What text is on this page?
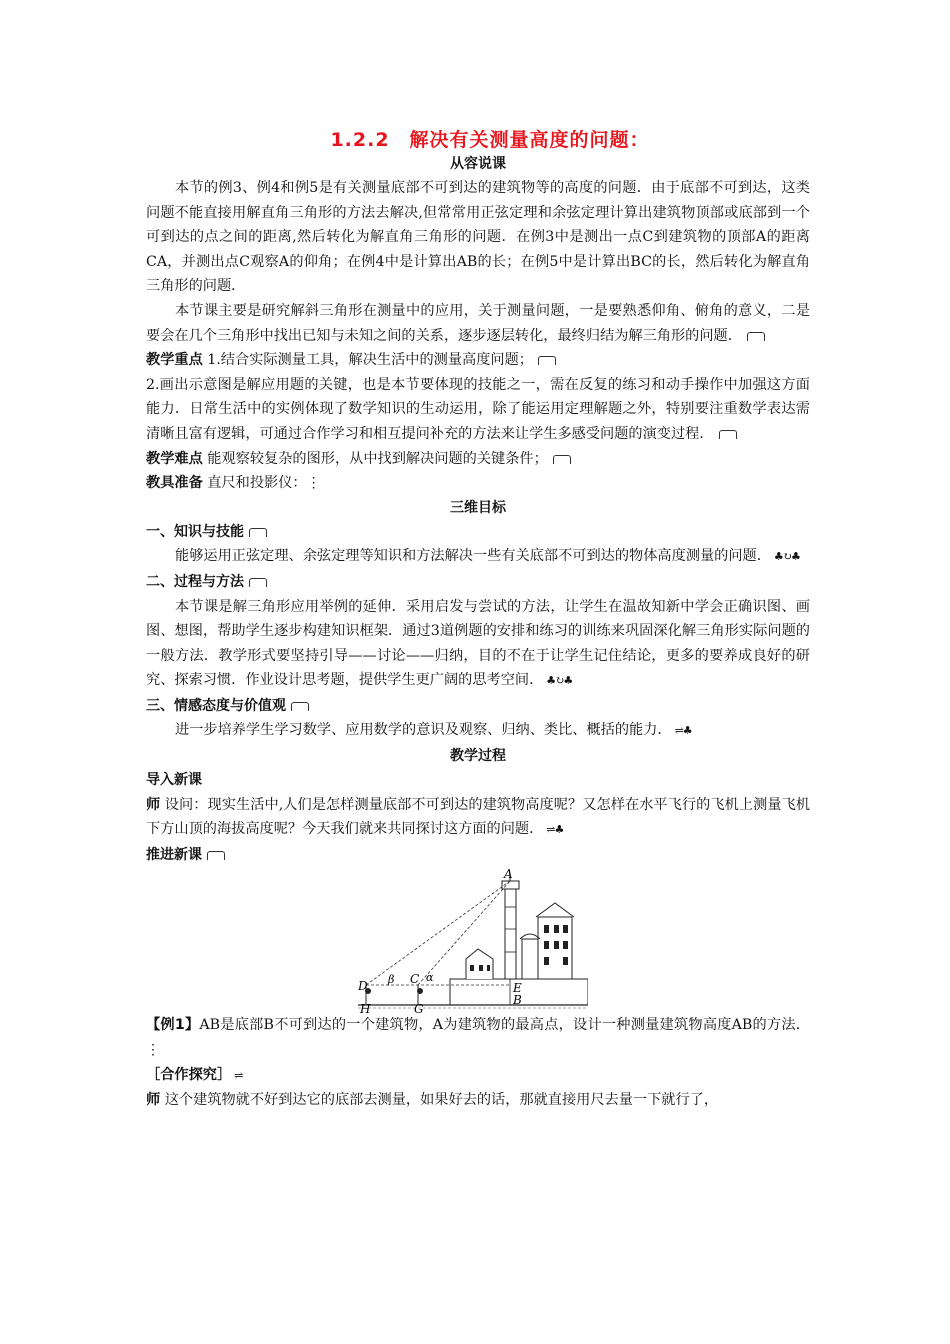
1.2.2　解决有关测量高度的问题：
从容说课

本节的例3、例4和例5是有关测量底部不可到达的建筑物等的高度的问题．由于底部不可到达，这类问题不能直接用解直角三角形的方法去解决,但常常用正弦定理和余弦定理计算出建筑物顶部或底部到一个可到达的点之间的距离,然后转化为解直角三角形的问题．在例3中是测出一点C到建筑物的顶部A的距离CA，并测出点C观察A的仰角；在例4中是计算出AB的长；在例5中是计算出BC的长，然后转化为解直角三角形的问题．

本节课主要是研究解斜三角形在测量中的应用，关于测量问题，一是要熟悉仰角、俯角的意义，二是要会在几个三角形中找出已知与未知之间的关系，逐步逐层转化，最终归结为解三角形的问题．

教学重点 1.结合实际测量工具，解决生活中的测量高度问题；

2.画出示意图是解应用题的关键，也是本节要体现的技能之一，需在反复的练习和动手操作中加强这方面能力．日常生活中的实例体现了数学知识的生动运用，除了能运用定理解题之外，特别要注重数学表达需清晰且富有逻辑，可通过合作学习和相互提问补充的方法来让学生多感受问题的演变过程．

教学难点 能观察较复杂的图形，从中找到解决问题的关键条件；

教具准备 直尺和投影仪：⋮

三维目标
一、知识与技能

能够运用正弦定理、余弦定理等知识和方法解决一些有关底部不可到达的物体高度测量的问题． ♣↻♣

二、过程与方法

本节课是解三角形应用举例的延伸．采用启发与尝试的方法，让学生在温故知新中学会正确识图、画图、想图，帮助学生逐步构建知识框架．通过3道例题的安排和练习的训练来巩固深化解三角形实际问题的一般方法．教学形式要坚持引导——讨论——归纳，目的不在于让学生记住结论，更多的要养成良好的研究、探索习惯．作业设计思考题，提供学生更广阔的思考空间． ♣↻♣

三、情感态度与价值观

进一步培养学生学习数学、应用数学的意识及观察、归纳、类比、概括的能力． ⇌♣

教学过程
导入新课

师 设问：现实生活中,人们是怎样测量底部不可到达的建筑物高度呢？又怎样在水平飞行的飞机上测量飞机下方山顶的海拔高度呢？今天我们就来共同探讨这方面的问题． ⇌♣

推进新课
A
D β C α
E
B
H	G

【例1】AB是底部B不可到达的一个建筑物，A为建筑物的最高点，设计一种测量建筑物高度AB的方法．⋮

［合作探究］ ⇌

师 这个建筑物就不好到达它的底部去测量，如果好去的话，那就直接用尺去量一下就行了，
